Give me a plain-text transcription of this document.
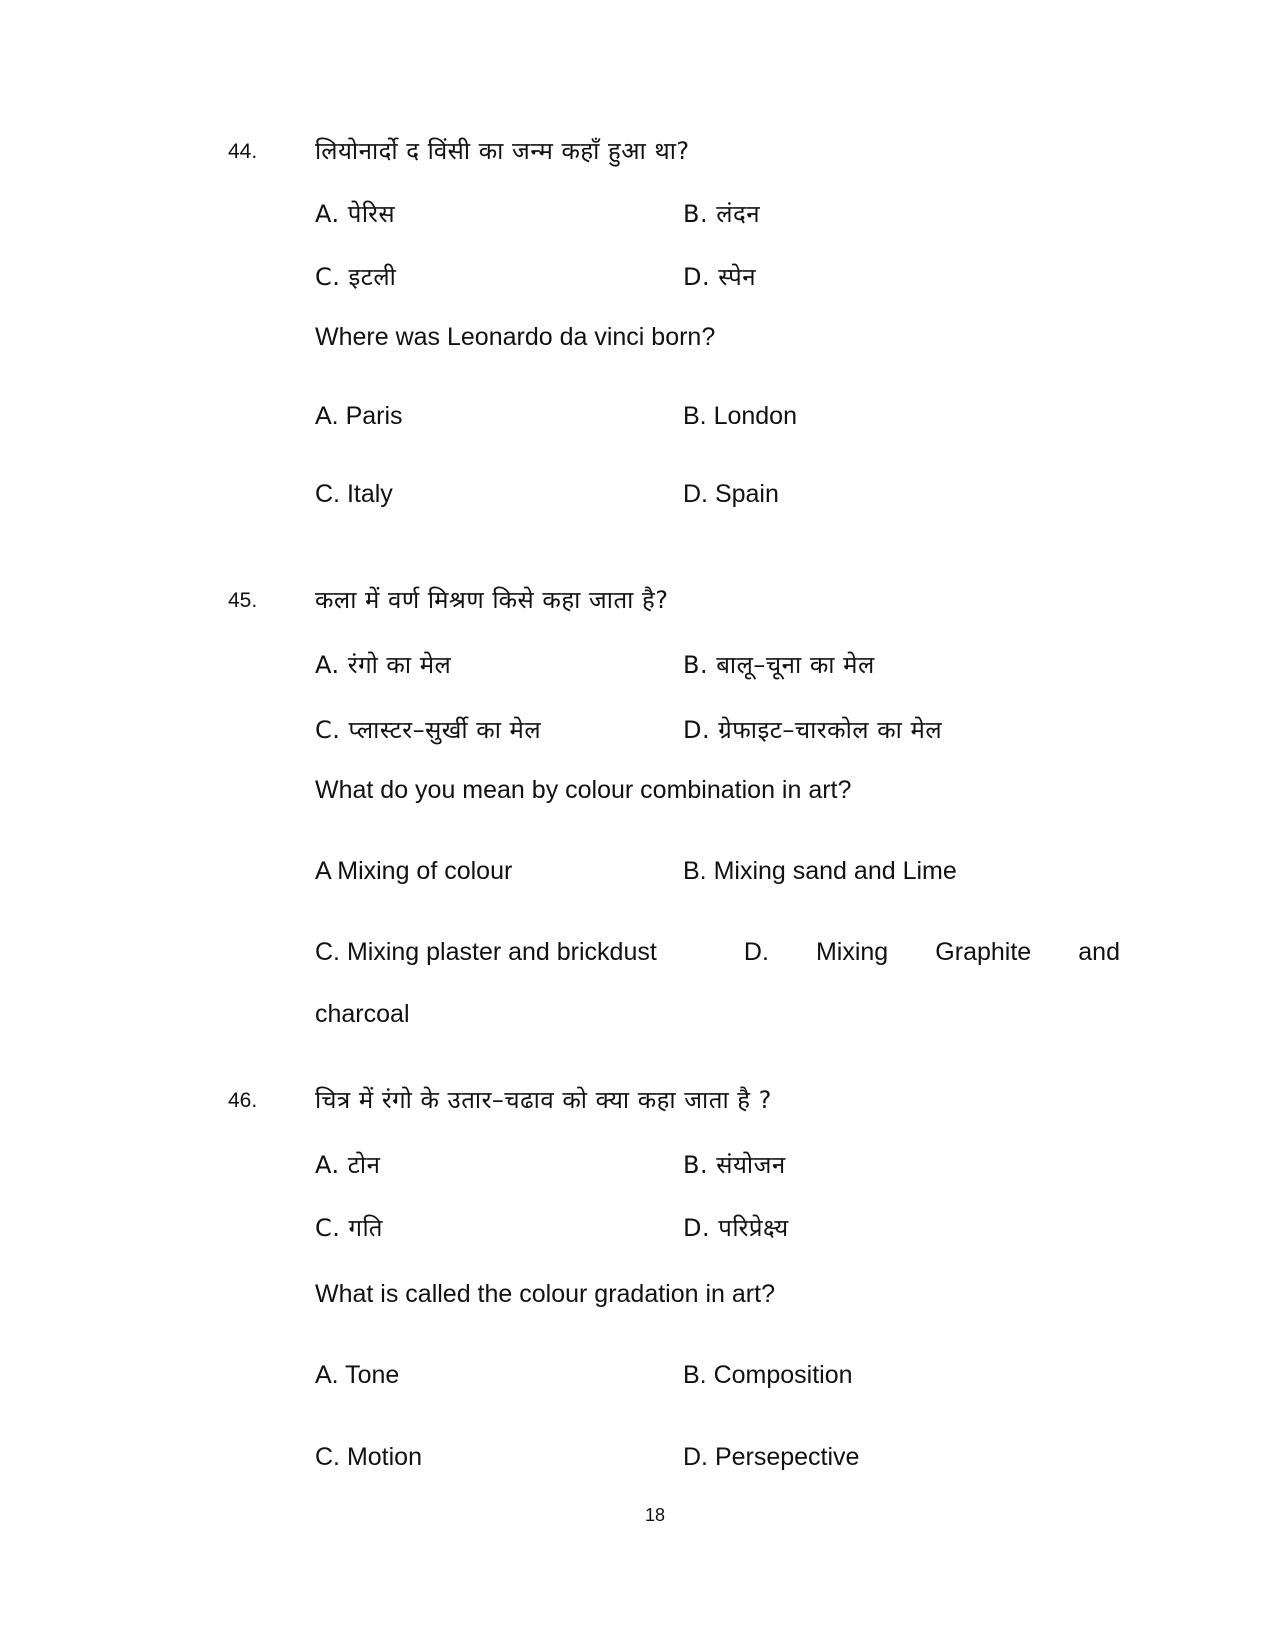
44. लियोनार्दो द विंसी का जन्म कहाँ हुआ था?
A. पेरिस	B. लंदन
C. इटली	D. स्पेन
Where was Leonardo da vinci born?
A. Paris	B. London
C. Italy	D. Spain
45. कला में वर्ण मिश्रण किसे कहा जाता है?
A. रंगो का मेल	B. बालू–चूना का मेल
C. प्लास्टर–सुर्खी का मेल	D. ग्रेफाइट–चारकोल का मेल
What do you mean by colour combination in art?
A Mixing of colour	B. Mixing sand and Lime
C. Mixing plaster and brickdust	D. Mixing Graphite and
charcoal
46. चित्र में रंगो के उतार–चढाव को क्या कहा जाता है ?
A. टोन	B. संयोजन
C. गति	D. परिप्रेक्ष्य
What is called the colour gradation in art?
A. Tone	B. Composition
C. Motion	D. Persepective
18
